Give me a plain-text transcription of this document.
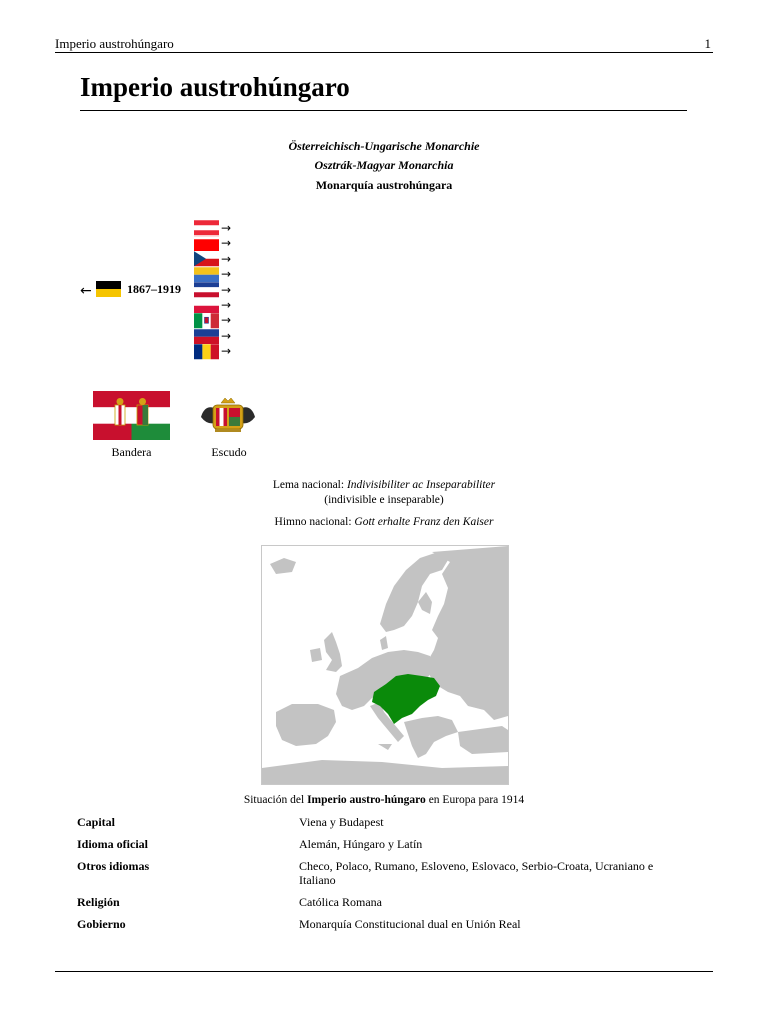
Imperio austrohúngaro	1
Imperio austrohúngaro
Österreichisch-Ungarische Monarchie
Osztrák-Magyar Monarchia
Monarquía austrohúngara
←	1867–1919
→
→
→
→
→
→
→
→
→
Bandera	Escudo
Lema nacional: Indivisibiliter ac Inseparabiliter
(indivisible e inseparable)
Himno nacional: Gott erhalte Franz den Kaiser
Situación del Imperio austro-húngaro en Europa para 1914
Capital	Viena y Budapest
Idioma oficial	Alemán, Húngaro y Latín
Otros idiomas	Checo, Polaco, Rumano, Esloveno, Eslovaco, Serbio-Croata, Ucraniano e Italiano
Religión	Católica Romana
Gobierno	Monarquía Constitucional dual en Unión Real
